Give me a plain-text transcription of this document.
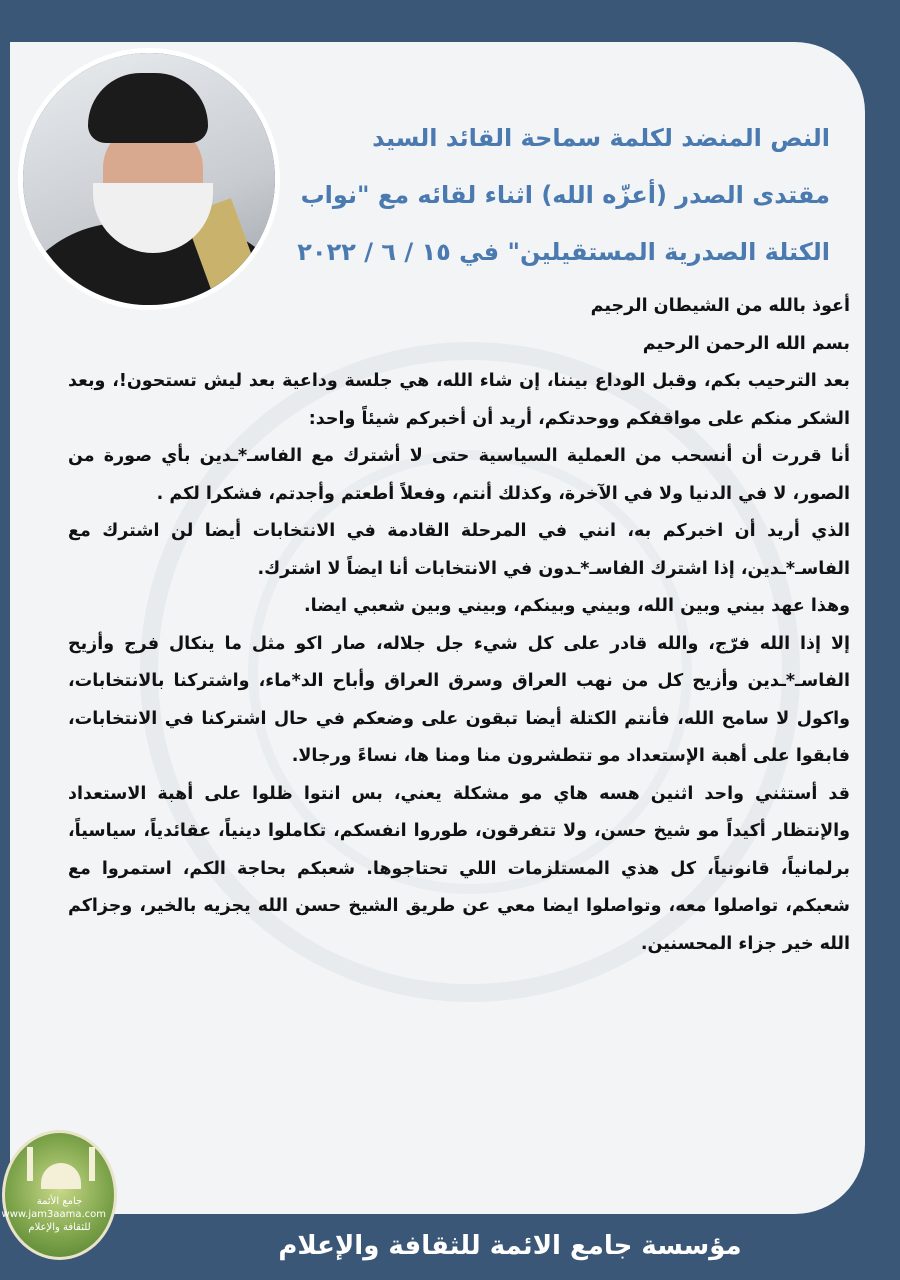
النص المنضد لكلمة سماحة القائد السيد
مقتدى الصدر (أعزّه الله) اثناء لقائه مع "نواب
الكتلة الصدرية المستقيلين" في ١٥ / ٦ / ٢٠٢٢

أعوذ بالله من الشيطان الرجيم

بسم الله الرحمن الرحيم

بعد الترحيب بكم، وقبل الوداع بيننا، إن شاء الله، هي جلسة وداعية بعد ليش تستحون!، وبعد الشكر منكم على مواقفكم ووحدتكم، أريد أن أخبركم شيئاً واحد:

أنا قررت أن أنسحب من العملية السياسية حتى لا أشترك مع الفاسـ*ـدين بأي صورة من الصور، لا في الدنيا ولا في الآخرة، وكذلك أنتم، وفعلاً أطعتم وأجدتم، فشكرا لكم .

الذي أريد أن اخبركم به، انني في المرحلة القادمة في الانتخابات أيضا لن اشترك مع الفاسـ*ـدين، إذا اشترك الفاسـ*ـدون في الانتخابات أنا ايضاً لا اشترك.

وهذا عهد بيني وبين الله، وبيني وبينكم، وبيني وبين شعبي ايضا.

إلا إذا الله فرّج، والله قادر على كل شيء جل جلاله، صار اكو مثل ما ينكال فرج وأزيح الفاسـ*ـدين وأزيح كل من نهب العراق وسرق العراق وأباح الد*ماء، واشتركنا بالانتخابات، واكول لا سامح الله، فأنتم الكتلة أيضا تبقون على وضعكم في حال اشتركنا في الانتخابات، فابقوا على أهبة الإستعداد مو تتطشرون منا ومنا ها، نساءً ورجالا.

قد أستثني واحد اثنين هسه هاي مو مشكلة يعني، بس انتوا ظلوا على أهبة الاستعداد والإنتظار أكيداً مو شيخ حسن، ولا تتفرقون، طوروا انفسكم، تكاملوا دينياً، عقائدياً، سياسياً، برلمانياً، قانونياً، كل هذي المستلزمات اللي تحتاجوها. شعبكم بحاجة الكم، استمروا مع شعبكم، تواصلوا معه، وتواصلوا ايضا معي عن طريق الشيخ حسن الله يجزيه بالخير، وجزاكم الله خير جزاء المحسنين.

جامع الأئمة
www.jam3aama.com
للثقافة والإعلام
مؤسسة جامع الائمة للثقافة والإعلام
